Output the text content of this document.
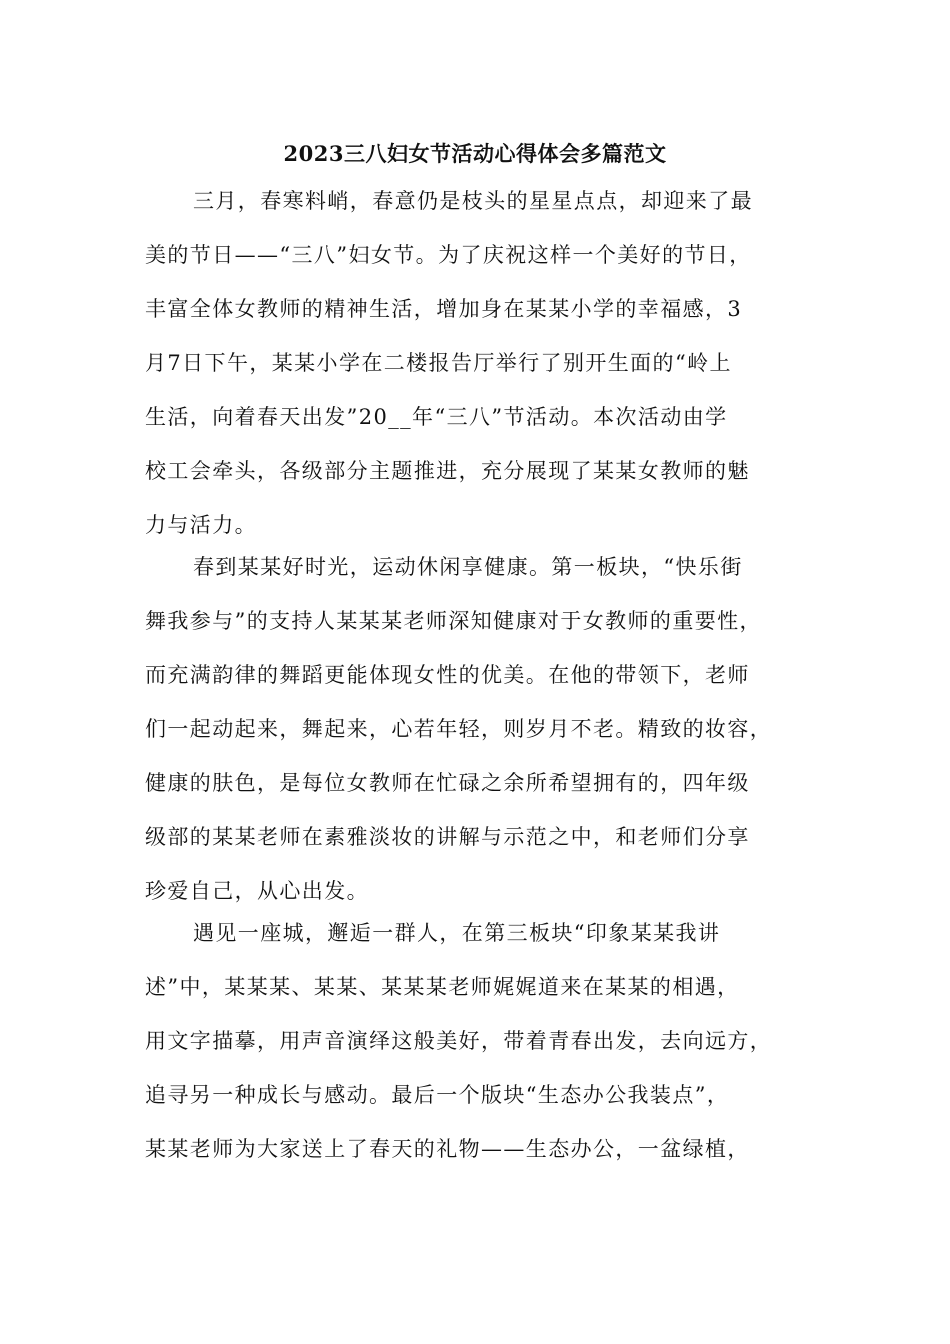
2023三八妇女节活动心得体会多篇范文
三月，春寒料峭，春意仍是枝头的星星点点，却迎来了最
美的节日——“三八”妇女节。为了庆祝这样一个美好的节日，
丰富全体女教师的精神生活，增加身在某某小学的幸福感，3
月7日下午，某某小学在二楼报告厅举行了别开生面的“岭上
生活，向着春天出发”20__年“三八”节活动。本次活动由学
校工会牵头，各级部分主题推进，充分展现了某某女教师的魅
力与活力。
春到某某好时光，运动休闲享健康。第一板块，“快乐街
舞我参与”的支持人某某某老师深知健康对于女教师的重要性，
而充满韵律的舞蹈更能体现女性的优美。在他的带领下，老师
们一起动起来，舞起来，心若年轻，则岁月不老。精致的妆容，
健康的肤色，是每位女教师在忙碌之余所希望拥有的，四年级
级部的某某老师在素雅淡妆的讲解与示范之中，和老师们分享
珍爱自己，从心出发。
遇见一座城，邂逅一群人，在第三板块“印象某某我讲
述”中，某某某、某某、某某某老师娓娓道来在某某的相遇，
用文字描摹，用声音演绎这般美好，带着青春出发，去向远方，
追寻另一种成长与感动。最后一个版块“生态办公我装点”，
某某老师为大家送上了春天的礼物——生态办公，一盆绿植，
